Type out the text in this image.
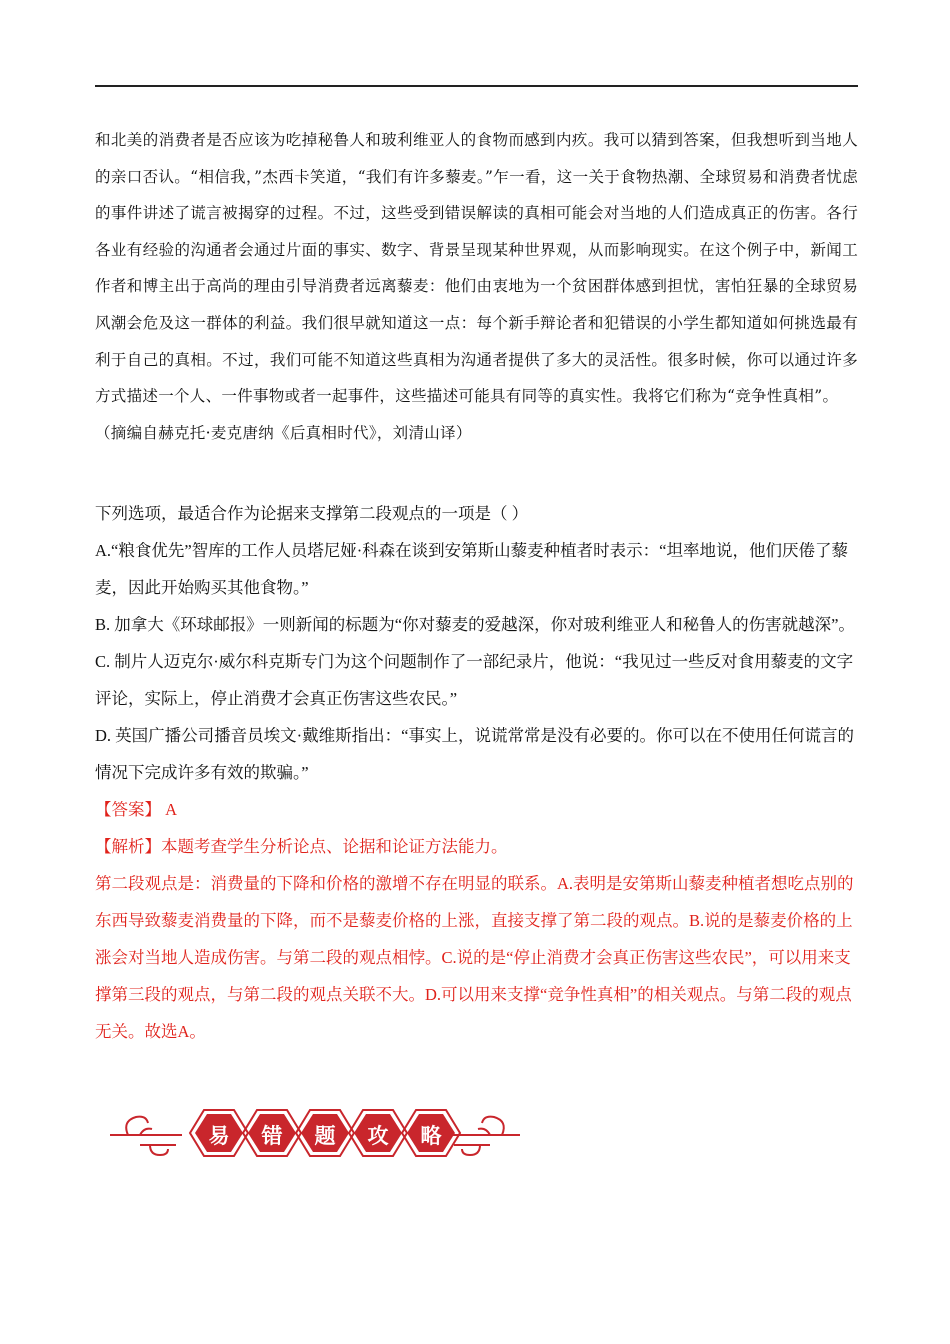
和北美的消费者是否应该为吃掉秘鲁人和玻利维亚人的食物而感到内疚。我可以猜到答案，但我想听到当地人的亲口否认。“相信我，”杰西卡笑道，“我们有许多藜麦。”乍一看，这一关于食物热潮、全球贸易和消费者忧虑的事件讲述了谎言被揭穿的过程。不过，这些受到错误解读的真相可能会对当地的人们造成真正的伤害。各行各业有经验的沟通者会通过片面的事实、数字、背景呈现某种世界观，从而影响现实。在这个例子中，新闻工作者和博主出于高尚的理由引导消费者远离藜麦：他们由衷地为一个贫困群体感到担忧，害怕狂暴的全球贸易风潮会危及这一群体的利益。我们很早就知道这一点：每个新手辩论者和犯错误的小学生都知道如何挑选最有利于自己的真相。不过，我们可能不知道这些真相为沟通者提供了多大的灵活性。很多时候，你可以通过许多方式描述一个人、一件事物或者一起事件，这些描述可能具有同等的真实性。我将它们称为“竞争性真相”。

（摘编自赫克托·麦克唐纳《后真相时代》，刘清山译）

下列选项，最适合作为论据来支撑第二段观点的一项是（ ）

A.“粮食优先”智库的工作人员塔尼娅·科森在谈到安第斯山藜麦种植者时表示：“坦率地说，他们厌倦了藜麦，因此开始购买其他食物。”

B. 加拿大《环球邮报》一则新闻的标题为“你对藜麦的爱越深，你对玻利维亚人和秘鲁人的伤害就越深”。

C. 制片人迈克尔·威尔科克斯专门为这个问题制作了一部纪录片，他说：“我见过一些反对食用藜麦的文字评论，实际上，停止消费才会真正伤害这些农民。”

D. 英国广播公司播音员埃文·戴维斯指出：“事实上，说谎常常是没有必要的。你可以在不使用任何谎言的情况下完成许多有效的欺骗。”

【答案】 A

【解析】本题考查学生分析论点、论据和论证方法能力。

第二段观点是：消费量的下降和价格的激增不存在明显的联系。A.表明是安第斯山藜麦种植者想吃点别的东西导致藜麦消费量的下降，而不是藜麦价格的上涨，直接支撑了第二段的观点。B.说的是藜麦价格的上涨会对当地人造成伤害。与第二段的观点相悖。C.说的是“停止消费才会真正伤害这些农民”，可以用来支撑第三段的观点，与第二段的观点关联不大。D.可以用来支撑“竞争性真相”的相关观点。与第二段的观点无关。故选A。

易	错	题	攻	略
